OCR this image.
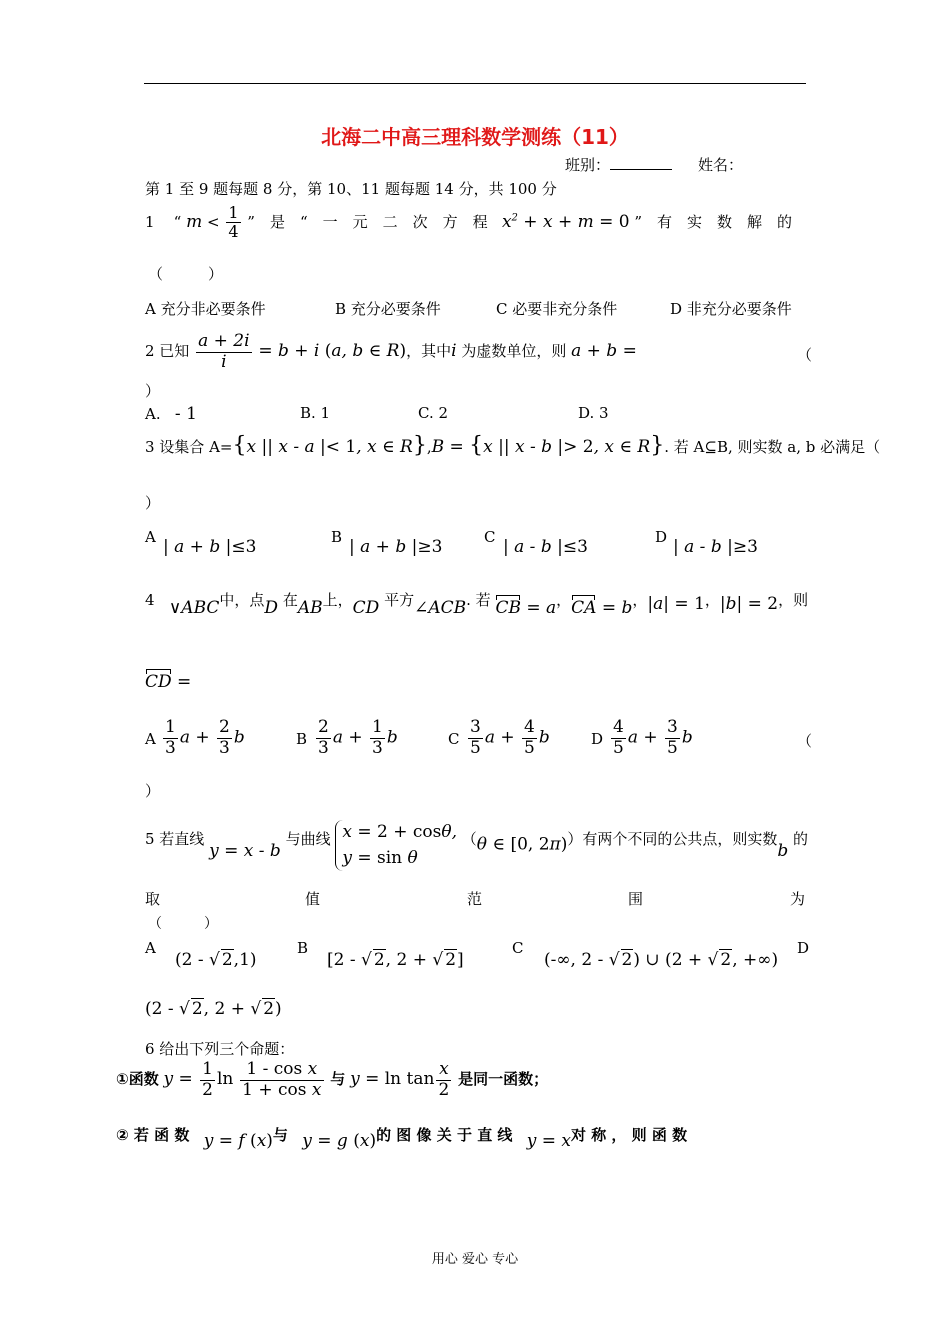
北海二中高三理科数学测练（11）
班别：	姓名：
第 1 至 9 题每题 8 分，第 10、11 题每题 14 分，共 100 分
1 “ $m < \frac{1}{4}$ ”　是　“　一　元　二　次　方　程 $x^2 + x + m = 0$ ”　有　实　数　解　的
（　　　）
A 充分非必要条件	B 充分必要条件	C 必要非充分条件	D 非充分必要条件
2 已知 $\frac{a + 2i}{i} = b + i$ (a, b ∈ R)，其中i 为虚数单位，则 a + b =	（
）
A. - 1	B. 1	C. 2	D. 3
3 设集合 A={x || x - a |< 1, x ∈ R},B = {x || x - b |> 2, x ∈ R}. 若 A⊆B, 则实数 a, b 必满足（
）
A | a + b |≤3	B | a + b |≥3	C | a - b |≤3	D | a - b |≥3
4 ∨ABC中，点D 在AB上，CD 平方∠ACB. 若 CB = a，CA = b，|a| = 1，|b| = 2，则
CD =
A $\frac{1}{3}$ $a + \frac{2}{3}$ b	B $\frac{2}{3}$ $a + \frac{1}{3}$ b	C $\frac{3}{5}$ $a + \frac{4}{5}$ b	D $\frac{4}{5}$ $a + \frac{3}{5}$ b	（
）
5 若直线 y = x - b 与曲线 x = 2 + cosθ,
y = sin θ
（θ ∈ [0, 2π)）有两个不同的公共点，则实数b 的
取	值	范	围	为
（　　　）
A
(2 - √ 2,1)
B
[2 - √ 2, 2 + √ 2]
C
(-∞, 2 - √ 2) ∪ (2 + √ 2, +∞)
D
(2 - √ 2, 2 + √ 2)
6 给出下列三个命题：
①函数 $y = \frac{1}{2}$ $\ln \frac{\text{1 - cos x}}{\text{1 + cos x}}$ 与 $y = \ln \tan \frac{x}{2}$ 是同一函数；
② 若 函 数 y = f (x)与 y = g (x)的 图 像 关 于 直 线 y = x对 称 ， 则 函 数
用心 爱心 专心
